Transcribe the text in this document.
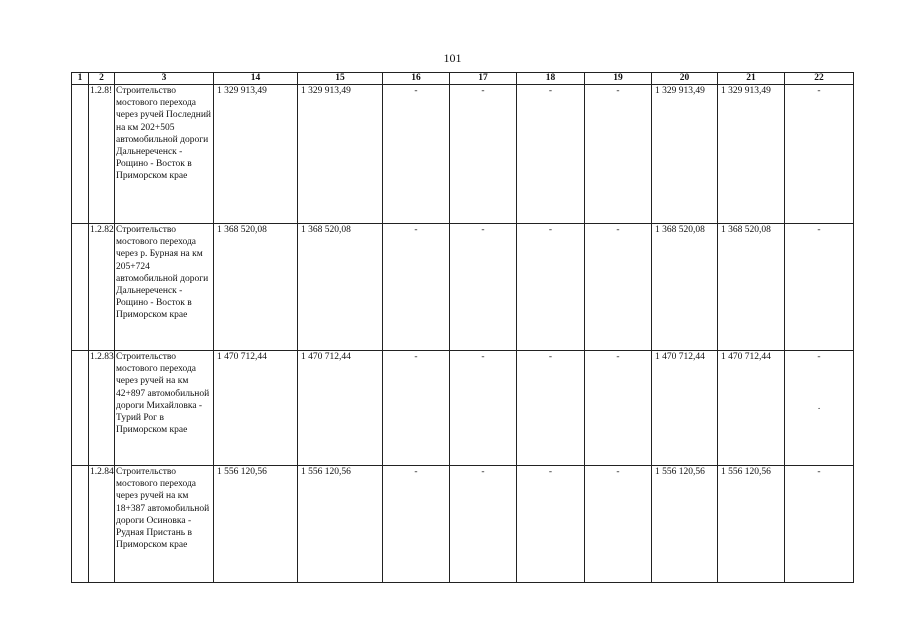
101
1	2	3	14	15	16	17	18	19	20	21	22
	1.2.8!	Строительство мостового перехода через ручей Последний на км 202+505 автомобильной дороги Дальнереченск - Рощино - Восток в Приморском крае	1 329 913,49	1 329 913,49	-	-	-	-	1 329 913,49	1 329 913,49	-
	1.2.82	Строительство мостового перехода через р. Бурная на км 205+724 автомобильной дороги Дальнереченск - Рощино - Восток в Приморском крае	1 368 520,08	1 368 520,08	-	-	-	-	1 368 520,08	1 368 520,08	-
	1.2.83	Строительство мостового перехода через ручей на км 42+897 автомобильной дороги Михайловка - Турий Рог в Приморском крае	1 470 712,44	1 470 712,44	-	-	-	-	1 470 712,44	1 470 712,44	-
.

	1.2.84	Строительство мостового перехода через ручей на км 18+387 автомобильной дороги Осиновка - Рудная Пристань в Приморском крае	1 556 120,56	1 556 120,56	-	-	-	-	1 556 120,56	1 556 120,56	-
